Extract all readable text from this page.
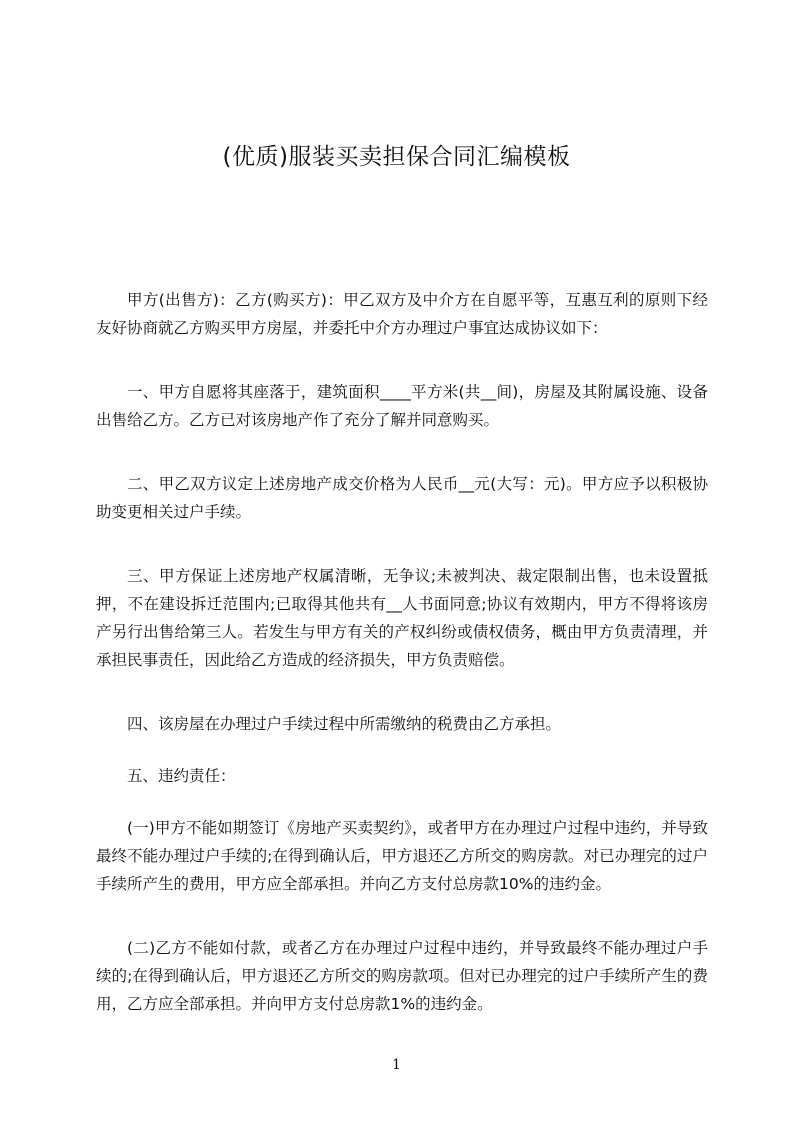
(优质)服装买卖担保合同汇编模板

甲方(出售方)：乙方(购买方)：甲乙双方及中介方在自愿平等，互惠互利的原则下经友好协商就乙方购买甲方房屋，并委托中介方办理过户事宜达成协议如下：

一、甲方自愿将其座落于，建筑面积____平方米(共__间)，房屋及其附属设施、设备出售给乙方。乙方已对该房地产作了充分了解并同意购买。

二、甲乙双方议定上述房地产成交价格为人民币__元(大写：元)。甲方应予以积极协助变更相关过户手续。

三、甲方保证上述房地产权属清晰，无争议;未被判决、裁定限制出售，也未设置抵押，不在建设拆迁范围内;已取得其他共有__人书面同意;协议有效期内，甲方不得将该房产另行出售给第三人。若发生与甲方有关的产权纠纷或债权债务，概由甲方负责清理，并承担民事责任，因此给乙方造成的经济损失，甲方负责赔偿。

四、该房屋在办理过户手续过程中所需缴纳的税费由乙方承担。

五、违约责任：

(一)甲方不能如期签订《房地产买卖契约》，或者甲方在办理过户过程中违约，并导致最终不能办理过户手续的;在得到确认后，甲方退还乙方所交的购房款。对已办理完的过户手续所产生的费用，甲方应全部承担。并向乙方支付总房款10%的违约金。

(二)乙方不能如付款，或者乙方在办理过户过程中违约，并导致最终不能办理过户手续的;在得到确认后，甲方退还乙方所交的购房款项。但对已办理完的过户手续所产生的费用，乙方应全部承担。并向甲方支付总房款1%的违约金。

1
